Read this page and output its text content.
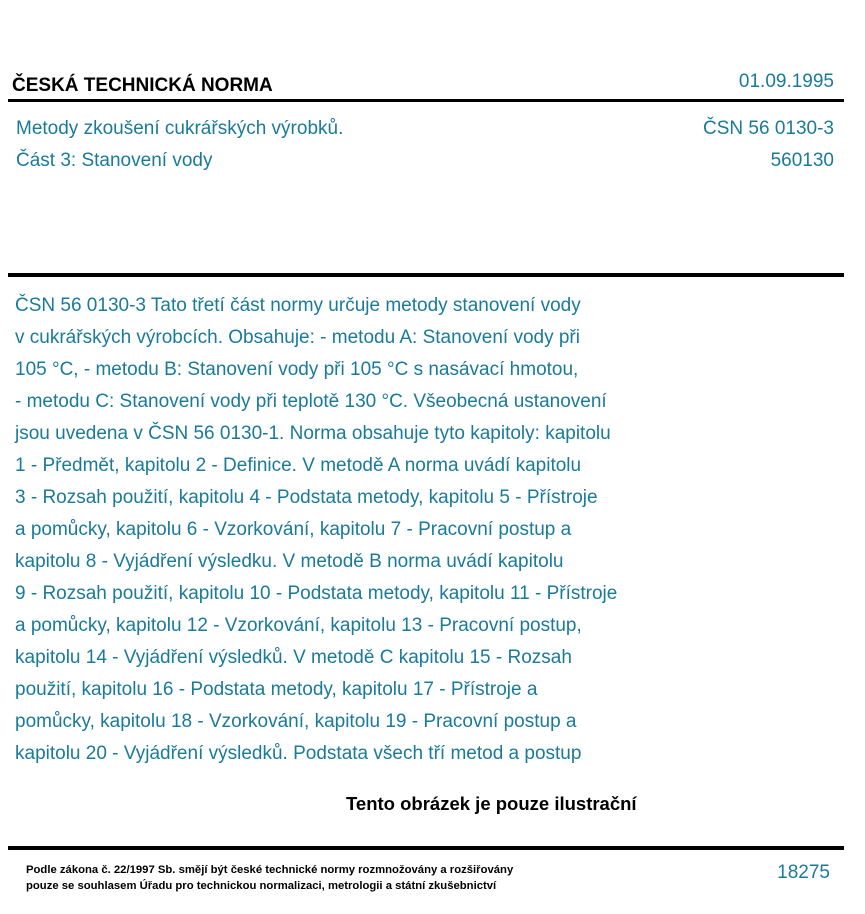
ČESKÁ TECHNICKÁ NORMA	01.09.1995
Metody zkoušení cukrářských výrobků.
Část 3: Stanovení vody
ČSN 56 0130-3
560130
ČSN 56 0130-3 Tato třetí část normy určuje metody stanovení vody
v cukrářských výrobcích. Obsahuje: - metodu A: Stanovení vody při
105 °C, - metodu B: Stanovení vody při 105 °C s nasávací hmotou,
- metodu C: Stanovení vody při teplotě 130 °C. Všeobecná ustanovení
jsou uvedena v ČSN 56 0130-1. Norma obsahuje tyto kapitoly: kapitolu
1 - Předmět, kapitolu 2 - Definice. V metodě A norma uvádí kapitolu
3 - Rozsah použití, kapitolu 4 - Podstata metody, kapitolu 5 - Přístroje
a pomůcky, kapitolu 6 - Vzorkování, kapitolu 7 - Pracovní postup a
kapitolu 8 - Vyjádření výsledku. V metodě B norma uvádí kapitolu
9 - Rozsah použití, kapitolu 10 - Podstata metody, kapitolu 11 - Přístroje
a pomůcky, kapitolu 12 - Vzorkování, kapitolu 13 - Pracovní postup,
kapitolu 14 - Vyjádření výsledků. V metodě C kapitolu 15 - Rozsah
použití, kapitolu 16 - Podstata metody, kapitolu 17 - Přístroje a
pomůcky, kapitolu 18 - Vzorkování, kapitolu 19 - Pracovní postup a
kapitolu 20 - Vyjádření výsledků. Podstata všech tří metod a postup
Tento obrázek je pouze ilustrační
Podle zákona č. 22/1997 Sb. smějí být české technické normy rozmnožovány a rozšiřovány
pouze se souhlasem Úřadu pro technickou normalizaci, metrologii a státní zkušebnictví
18275
